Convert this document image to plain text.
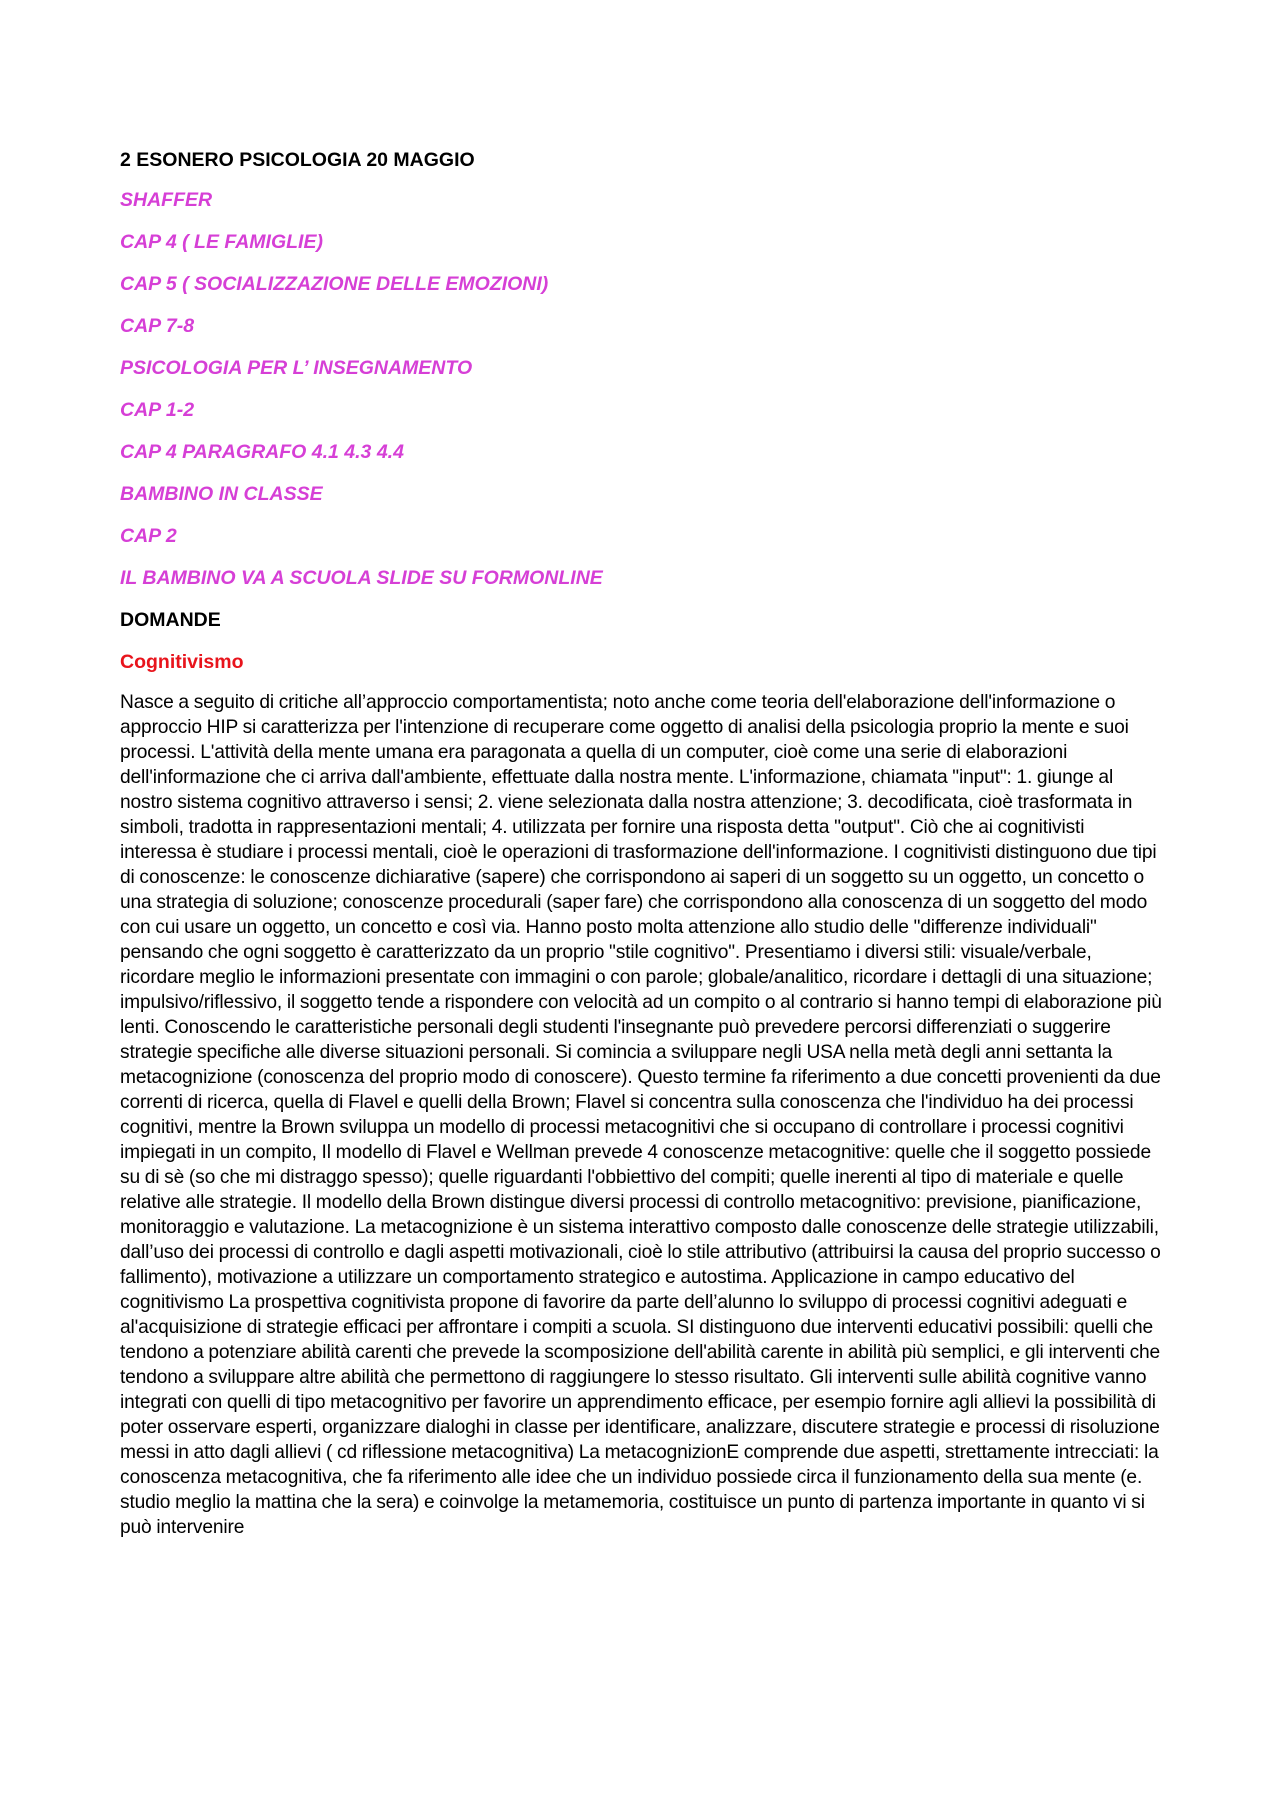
2 ESONERO PSICOLOGIA 20 MAGGIO
SHAFFER
CAP 4 ( LE FAMIGLIE)
CAP 5 ( SOCIALIZZAZIONE DELLE EMOZIONI)
CAP 7-8
PSICOLOGIA PER L’ INSEGNAMENTO
CAP 1-2
CAP 4 PARAGRAFO 4.1 4.3 4.4
BAMBINO IN CLASSE
CAP 2
IL BAMBINO VA A SCUOLA SLIDE SU FORMONLINE
DOMANDE
Cognitivismo

Nasce a seguito di critiche all’approccio comportamentista; noto anche come teoria dell'elaborazione dell'informazione o approccio HIP si caratterizza per l'intenzione di recuperare come oggetto di analisi della psicologia proprio la mente e suoi processi. L'attività della mente umana era paragonata a quella di un computer, cioè come una serie di elaborazioni dell'informazione che ci arriva dall'ambiente, effettuate dalla nostra mente. L'informazione, chiamata "input": 1. giunge al nostro sistema cognitivo attraverso i sensi; 2. viene selezionata dalla nostra attenzione; 3. decodificata, cioè trasformata in simboli, tradotta in rappresentazioni mentali; 4. utilizzata per fornire una risposta detta "output". Ciò che ai cognitivisti interessa è studiare i processi mentali, cioè le operazioni di trasformazione dell'informazione. I cognitivisti distinguono due tipi di conoscenze: le conoscenze dichiarative (sapere) che corrispondono ai saperi di un soggetto su un oggetto, un concetto o una strategia di soluzione; conoscenze procedurali (saper fare) che corrispondono alla conoscenza di un soggetto del modo con cui usare un oggetto, un concetto e così via. Hanno posto molta attenzione allo studio delle "differenze individuali" pensando che ogni soggetto è caratterizzato da un proprio "stile cognitivo". Presentiamo i diversi stili: visuale/verbale, ricordare meglio le informazioni presentate con immagini o con parole; globale/analitico, ricordare i dettagli di una situazione; impulsivo/riflessivo, il soggetto tende a rispondere con velocità ad un compito o al contrario si hanno tempi di elaborazione più lenti. Conoscendo le caratteristiche personali degli studenti l'insegnante può prevedere percorsi differenziati o suggerire strategie specifiche alle diverse situazioni personali. Si comincia a sviluppare negli USA nella metà degli anni settanta la metacognizione (conoscenza del proprio modo di conoscere). Questo termine fa riferimento a due concetti provenienti da due correnti di ricerca, quella di Flavel e quelli della Brown; Flavel si concentra sulla conoscenza che l'individuo ha dei processi cognitivi, mentre la Brown sviluppa un modello di processi metacognitivi che si occupano di controllare i processi cognitivi impiegati in un compito, Il modello di Flavel e Wellman prevede 4 conoscenze metacognitive: quelle che il soggetto possiede su di sè (so che mi distraggo spesso); quelle riguardanti l'obbiettivo del compiti; quelle inerenti al tipo di materiale e quelle relative alle strategie. Il modello della Brown distingue diversi processi di controllo metacognitivo: previsione, pianificazione, monitoraggio e valutazione. La metacognizione è un sistema interattivo composto dalle conoscenze delle strategie utilizzabili, dall’uso dei processi di controllo e dagli aspetti motivazionali, cioè lo stile attributivo (attribuirsi la causa del proprio successo o fallimento), motivazione a utilizzare un comportamento strategico e autostima. Applicazione in campo educativo del cognitivismo La prospettiva cognitivista propone di favorire da parte dell’alunno lo sviluppo di processi cognitivi adeguati e al'acquisizione di strategie efficaci per affrontare i compiti a scuola. SI distinguono due interventi educativi possibili: quelli che tendono a potenziare abilità carenti che prevede la scomposizione dell'abilità carente in abilità più semplici, e gli interventi che tendono a sviluppare altre abilità che permettono di raggiungere lo stesso risultato. Gli interventi sulle abilità cognitive vanno integrati con quelli di tipo metacognitivo per favorire un apprendimento efficace, per esempio fornire agli allievi la possibilità di poter osservare esperti, organizzare dialoghi in classe per identificare, analizzare, discutere strategie e processi di risoluzione messi in atto dagli allievi ( cd riflessione metacognitiva) La metacognizionE comprende due aspetti, strettamente intrecciati: la conoscenza metacognitiva, che fa riferimento alle idee che un individuo possiede circa il funzionamento della sua mente (e. studio meglio la mattina che la sera) e coinvolge la metamemoria, costituisce un punto di partenza importante in quanto vi si può intervenire
